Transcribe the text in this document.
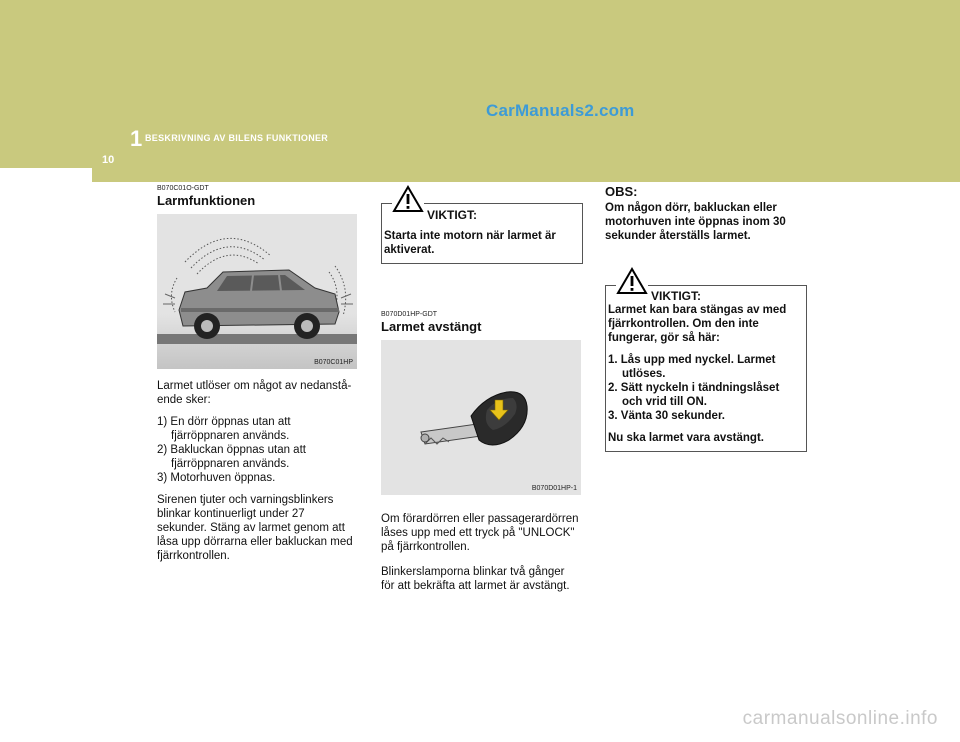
10
1 BESKRIVNING AV BILENS FUNKTIONER
CarManuals2.com
B070C01O-GDT
Larmfunktionen
B070C01HP

Larmet utlöser om något av nedanstå-ende sker:

1) En dörr öppnas utan att fjärröppnaren används.

2) Bakluckan öppnas utan att fjärröppnaren används.

3) Motorhuven öppnas.

Sirenen tjuter och varningsblinkers blinkar kontinuerligt under 27 sekunder. Stäng av larmet genom att låsa upp dörrarna eller bakluckan med fjärrkontrollen.

VIKTIGT:

Starta inte motorn när larmet är aktiverat.

B070D01HP-GDT
Larmet avstängt
B070D01HP-1

Om förardörren eller passagerardörren låses upp med ett tryck på "UNLOCK" på fjärrkontrollen.

Blinkerslamporna blinkar två gånger för att bekräfta att larmet är avstängt.

OBS:
Om någon dörr, bakluckan eller motorhuven inte öppnas inom 30 sekunder återställs larmet.
VIKTIGT:

Larmet kan bara stängas av med fjärrkontrollen. Om den inte fungerar, gör så här:

1. Lås upp med nyckel. Larmet utlöses.

2. Sätt nyckeln i tändningslåset och vrid till ON.

3. Vänta 30 sekunder.

Nu ska larmet vara avstängt.

carmanualsonline.info
